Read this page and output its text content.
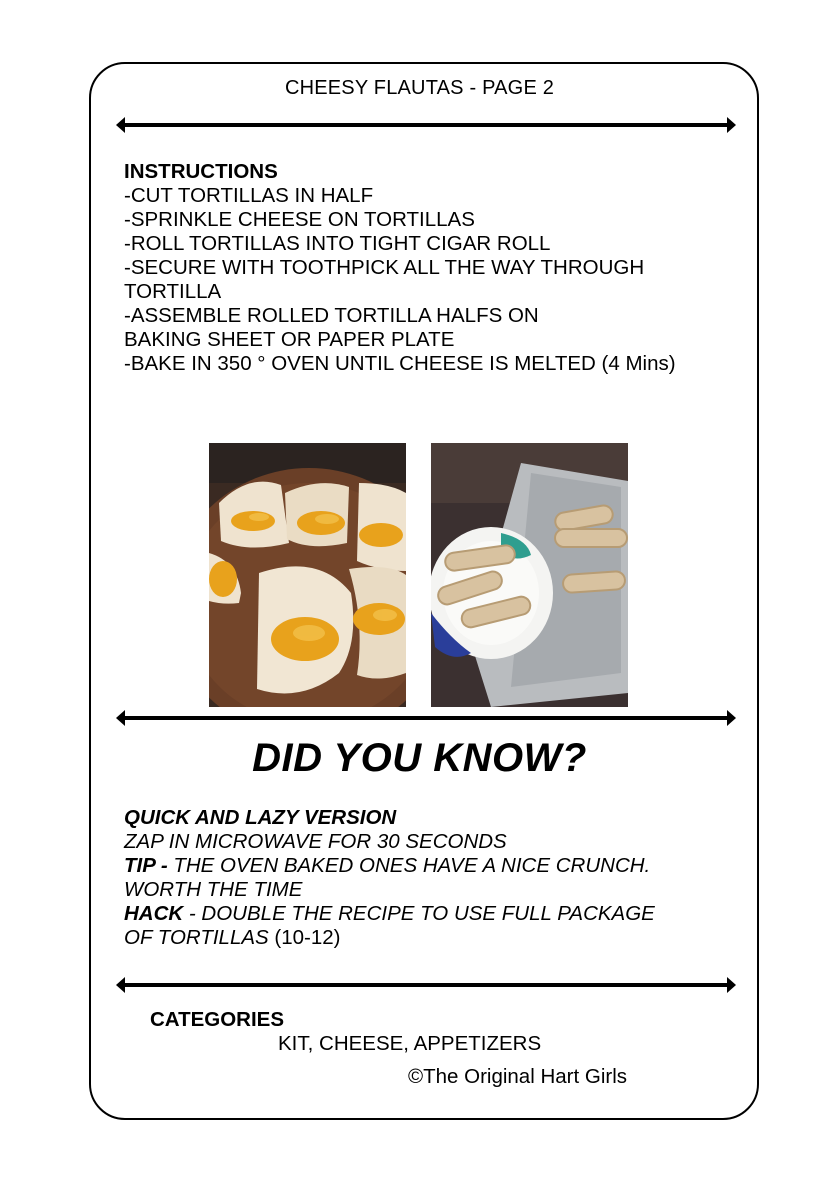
CHEESY FLAUTAS - PAGE 2
INSTRUCTIONS
-CUT TORTILLAS IN HALF
-SPRINKLE CHEESE ON TORTILLAS
-ROLL TORTILLAS INTO TIGHT CIGAR ROLL
-SECURE WITH TOOTHPICK ALL THE WAY THROUGH
TORTILLA
-ASSEMBLE ROLLED TORTILLA HALFS ON
BAKING SHEET OR PAPER PLATE
-BAKE IN 350 ° OVEN UNTIL CHEESE IS MELTED (4 Mins)
DID YOU KNOW?
QUICK AND LAZY VERSION
ZAP IN MICROWAVE FOR 30 SECONDS
TIP - THE OVEN BAKED ONES HAVE A NICE CRUNCH.
WORTH THE TIME
HACK - DOUBLE THE RECIPE TO USE FULL PACKAGE
OF TORTILLAS (10-12)
CATEGORIES
KIT, CHEESE, APPETIZERS
©The Original Hart Girls
